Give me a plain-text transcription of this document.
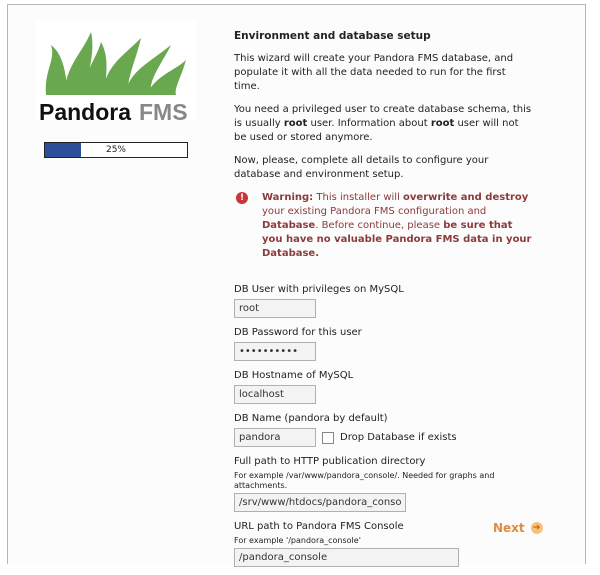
Pandora FMS
25%
Environment and database setup

This wizard will create your Pandora FMS database, and populate it with all the data needed to run for the first time.

You need a privileged user to create database schema, this is usually root user. Information about root user will not be used or stored anymore.

Now, please, complete all details to configure your database and environment setup.

!	Warning: This installer will overwrite and destroy your existing Pandora FMS configuration and Database. Before continue, please be sure that you have no valuable Pandora FMS data in your Database.
DB User with privileges on MySQL
root
DB Password for this user
••••••••••
DB Hostname of MySQL
localhost
DB Name (pandora by default)
pandora
Drop Database if exists
Full path to HTTP publication directory
For example /var/www/pandora_console/. Needed for graphs and attachments.
/srv/www/htdocs/pandora_console
URL path to Pandora FMS Console
For example '/pandora_console'
/pandora_console
Next ➔
